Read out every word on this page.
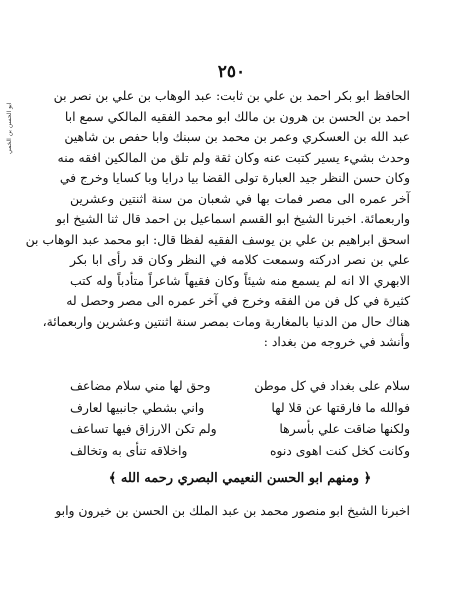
ابو الحسن بن الخمي
٢٥٠
الحافظ ابو بكر احمد بن علي بن ثابت: عبد الوهاب بن علي بن نصر بن
احمد بن الحسن بن هرون بن مالك ابو محمد الفقيه المالكي سمع ابا
عبد الله بن العسكري وعمر بن محمد بن سبنك وابا حفص بن شاهين
وحدث بشيء يسير كتبت عنه وكان ثقة ولم تلق من المالكين افقه منه
وكان حسن النظر جيد العبارة تولى القضا بيا درايا وبا كسايا وخرج في
آخر عمره الى مصر فمات بها في شعبان من سنة اثنتين وعشرين
واربعمائة. اخبرنا الشيخ ابو القسم اسماعيل بن احمد قال ثنا الشيخ ابو
اسحق ابراهيم بن علي بن يوسف الفقيه لفظا قال: ابو محمد عبد الوهاب بن
علي بن نصر ادركته وسمعت كلامه في النظر وكان قد رأى ابا بكر
الابهري الا انه لم يسمع منه شيئاً وكان فقيهاً شاعراً متأدباً وله كتب
كثيرة في كل فن من الفقه وخرج في آخر عمره الى مصر وحصل له
هناك حال من الدنيا بالمغاربة ومات بمصر سنة اثنتين وعشرين واربعمائة،
وأنشد في خروجه من بغداد :
سلام على بغداد في كل موطن
وحق لها مني سلام مضاعف
فوالله ما فارقتها عن قلا لها
واني بشطي جانبيها لعارف
ولكنها ضاقت علي بأسرها
ولم تكن الارزاق فيها تساعف
وكانت كخل كنت اهوى دنوه
واخلاقه تنأى به وتخالف
﴿ ومنهم ابو الحسن النعيمي البصري رحمه الله ﴾
اخبرنا الشيخ ابو منصور محمد بن عبد الملك بن الحسن بن خيرون وابو
